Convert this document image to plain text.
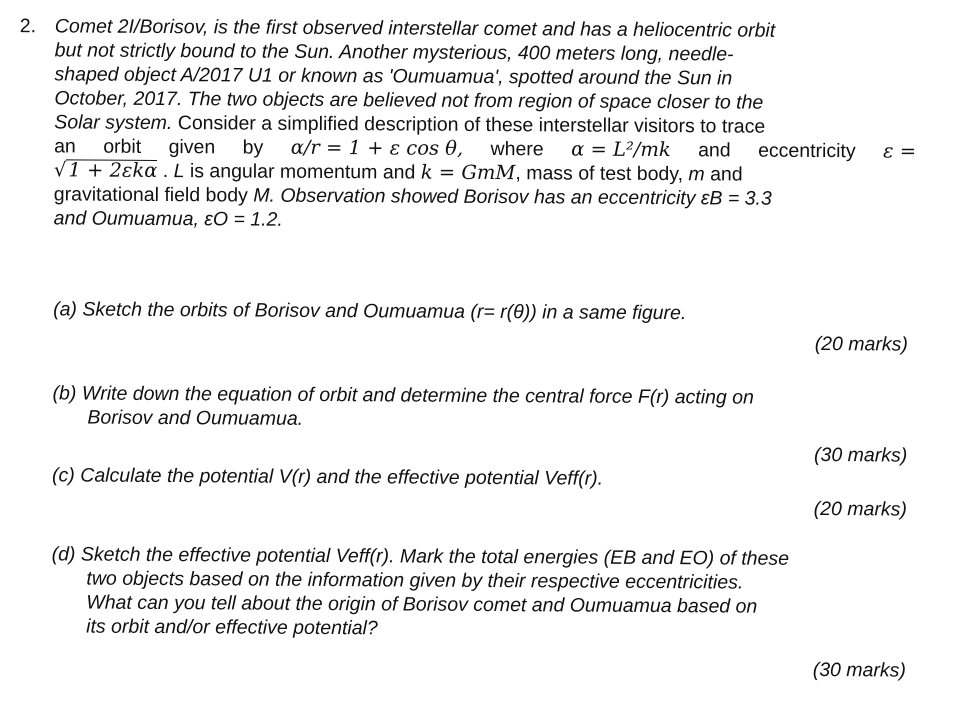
2. Comet 2I/Borisov, is the first observed interstellar comet and has a heliocentric orbit
but not strictly bound to the Sun. Another mysterious, 400 meters long, needle-
shaped object A/2017 U1 or known as 'Oumuamua', spotted around the Sun in
October, 2017. The two objects are believed not from region of space closer to the
Solar system. Consider a simplified description of these interstellar visitors to trace
an orbit given by α/r = 1 + ε cos θ, where α = L²/mk and eccentricity ε =
√1 + 2εkα . L is angular momentum and k = GmM, mass of test body, m and
gravitational field body M. Observation showed Borisov has an eccentricity εB = 3.3
and Oumuamua, εO = 1.2.
(a) Sketch the orbits of Borisov and Oumuamua (r= r(θ)) in a same figure.
(20 marks)
(b) Write down the equation of orbit and determine the central force F(r) acting on
Borisov and Oumuamua.
(30 marks)
(c) Calculate the potential V(r) and the effective potential Veff(r).
(20 marks)
(d) Sketch the effective potential Veff(r). Mark the total energies (EB and EO) of these
two objects based on the information given by their respective eccentricities.
What can you tell about the origin of Borisov comet and Oumuamua based on
its orbit and/or effective potential?
(30 marks)
